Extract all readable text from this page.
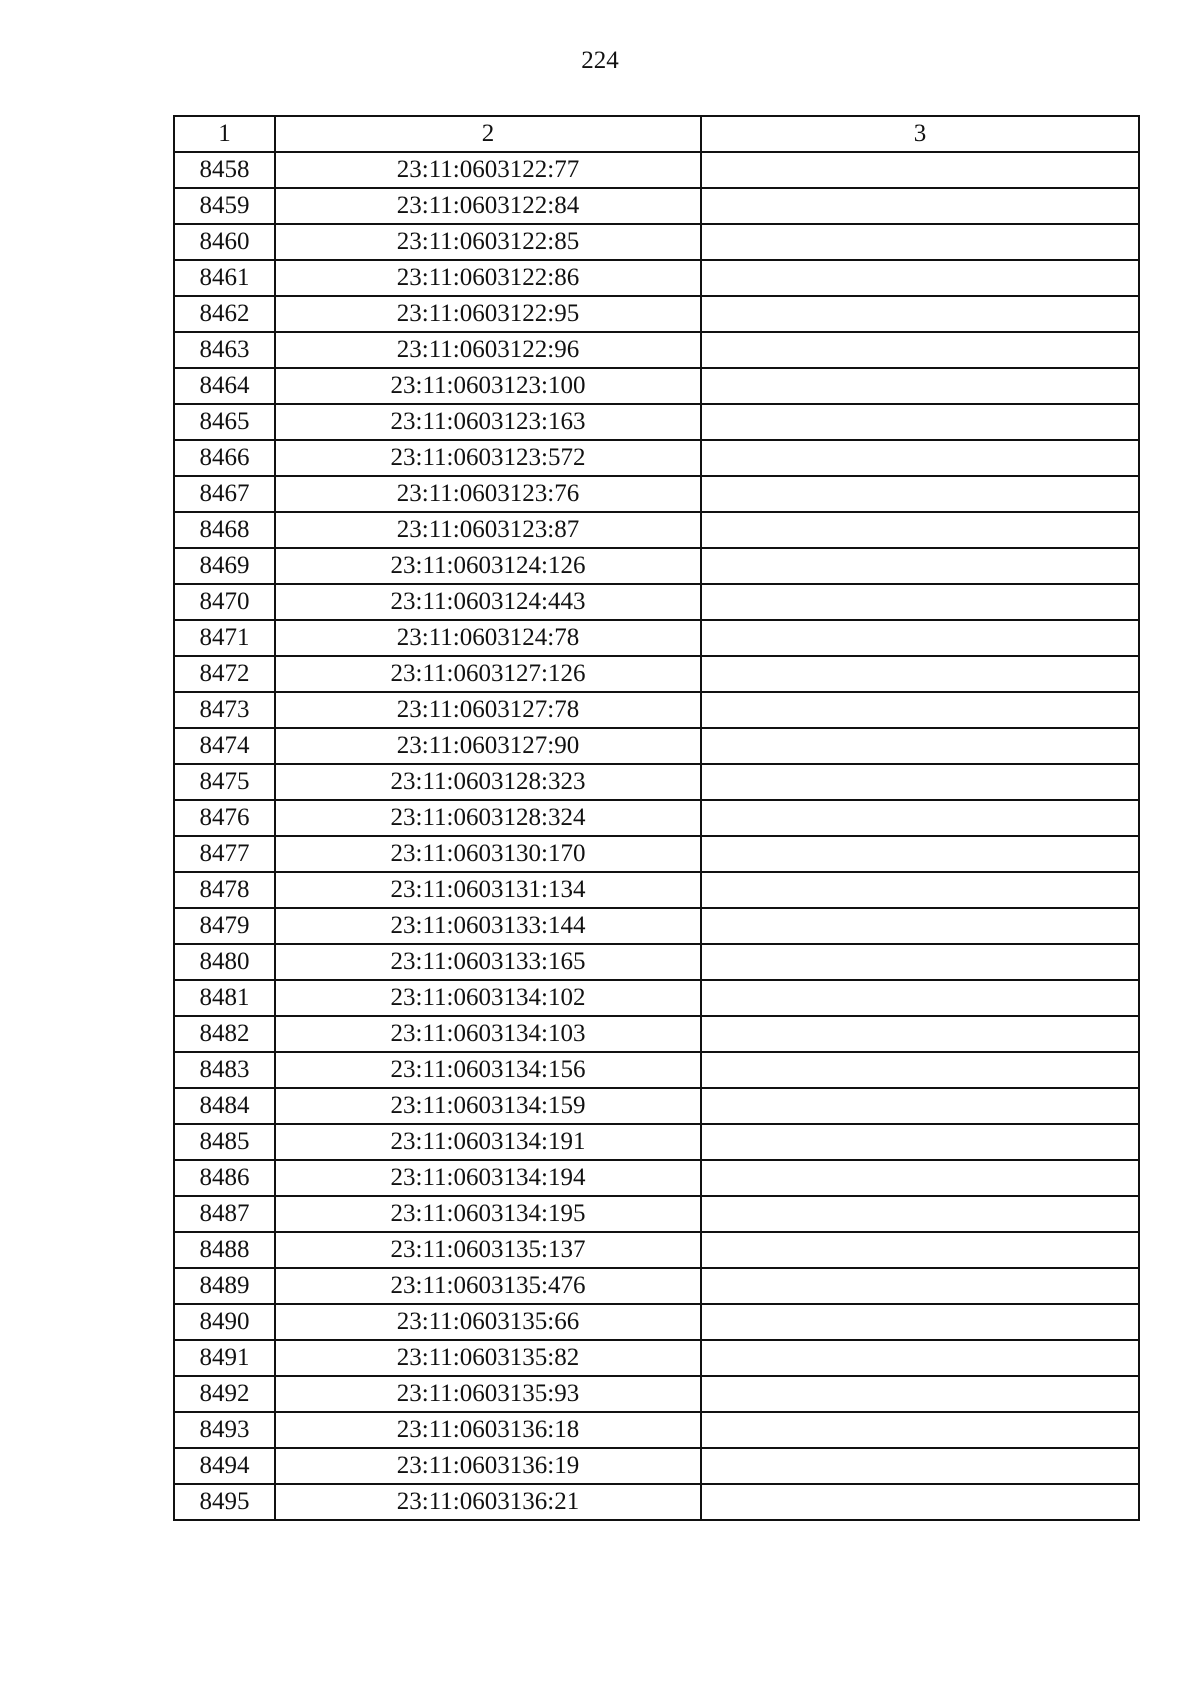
224
1	2	3
8458	23:11:0603122:77	
8459	23:11:0603122:84	
8460	23:11:0603122:85	
8461	23:11:0603122:86	
8462	23:11:0603122:95	
8463	23:11:0603122:96	
8464	23:11:0603123:100	
8465	23:11:0603123:163	
8466	23:11:0603123:572	
8467	23:11:0603123:76	
8468	23:11:0603123:87	
8469	23:11:0603124:126	
8470	23:11:0603124:443	
8471	23:11:0603124:78	
8472	23:11:0603127:126	
8473	23:11:0603127:78	
8474	23:11:0603127:90	
8475	23:11:0603128:323	
8476	23:11:0603128:324	
8477	23:11:0603130:170	
8478	23:11:0603131:134	
8479	23:11:0603133:144	
8480	23:11:0603133:165	
8481	23:11:0603134:102	
8482	23:11:0603134:103	
8483	23:11:0603134:156	
8484	23:11:0603134:159	
8485	23:11:0603134:191	
8486	23:11:0603134:194	
8487	23:11:0603134:195	
8488	23:11:0603135:137	
8489	23:11:0603135:476	
8490	23:11:0603135:66	
8491	23:11:0603135:82	
8492	23:11:0603135:93	
8493	23:11:0603136:18	
8494	23:11:0603136:19	
8495	23:11:0603136:21	
